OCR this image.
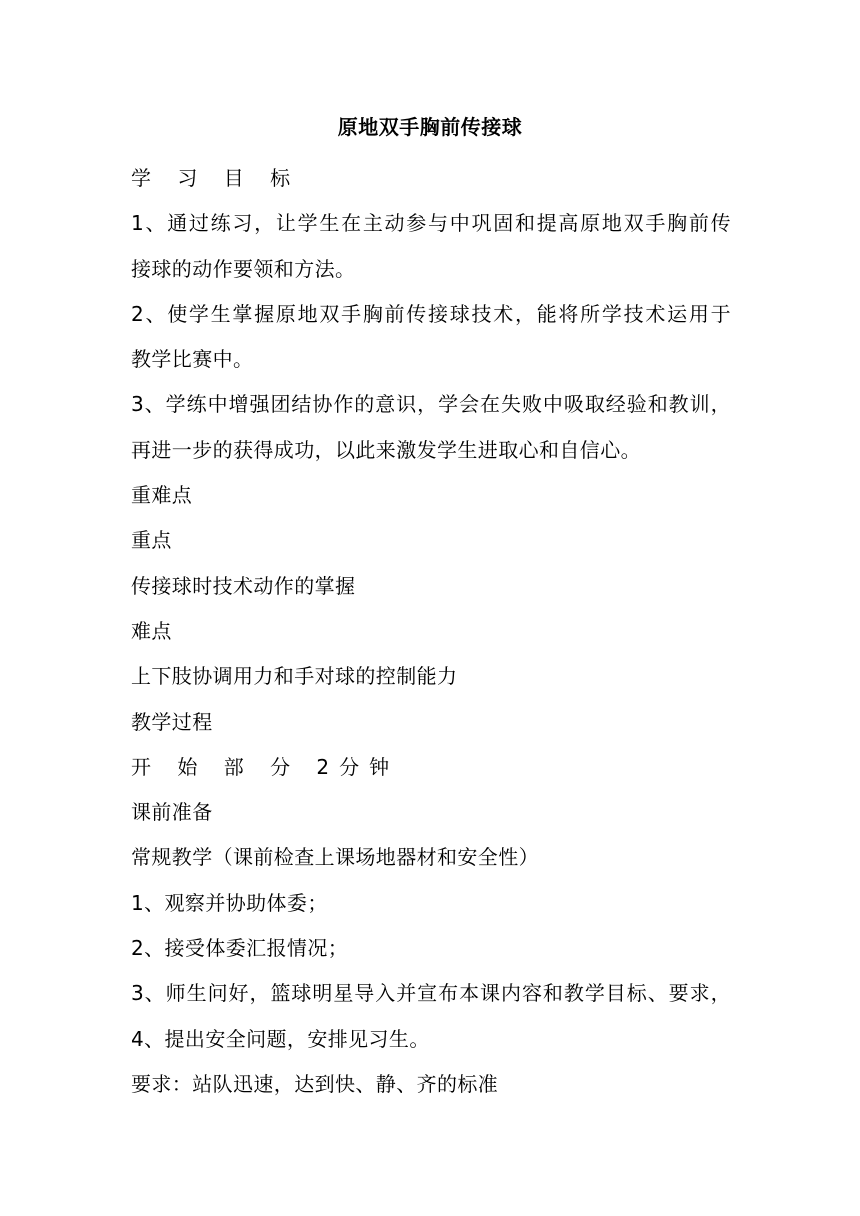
原地双手胸前传接球
学 习 目 标
1、通过练习，让学生在主动参与中巩固和提高原地双手胸前传
接球的动作要领和方法。
2、使学生掌握原地双手胸前传接球技术，能将所学技术运用于
教学比赛中。
3、学练中增强团结协作的意识，学会在失败中吸取经验和教训，
再进一步的获得成功，以此来激发学生进取心和自信心。
重难点
重点
传接球时技术动作的掌握
难点
上下肢协调用力和手对球的控制能力
教学过程
开 始 部 分 2分钟
课前准备
常规教学（课前检查上课场地器材和安全性）
1、观察并协助体委；
2、接受体委汇报情况；
3、师生问好，篮球明星导入并宣布本课内容和教学目标、要求，
4、提出安全问题，安排见习生。
要求：站队迅速，达到快、静、齐的标准
